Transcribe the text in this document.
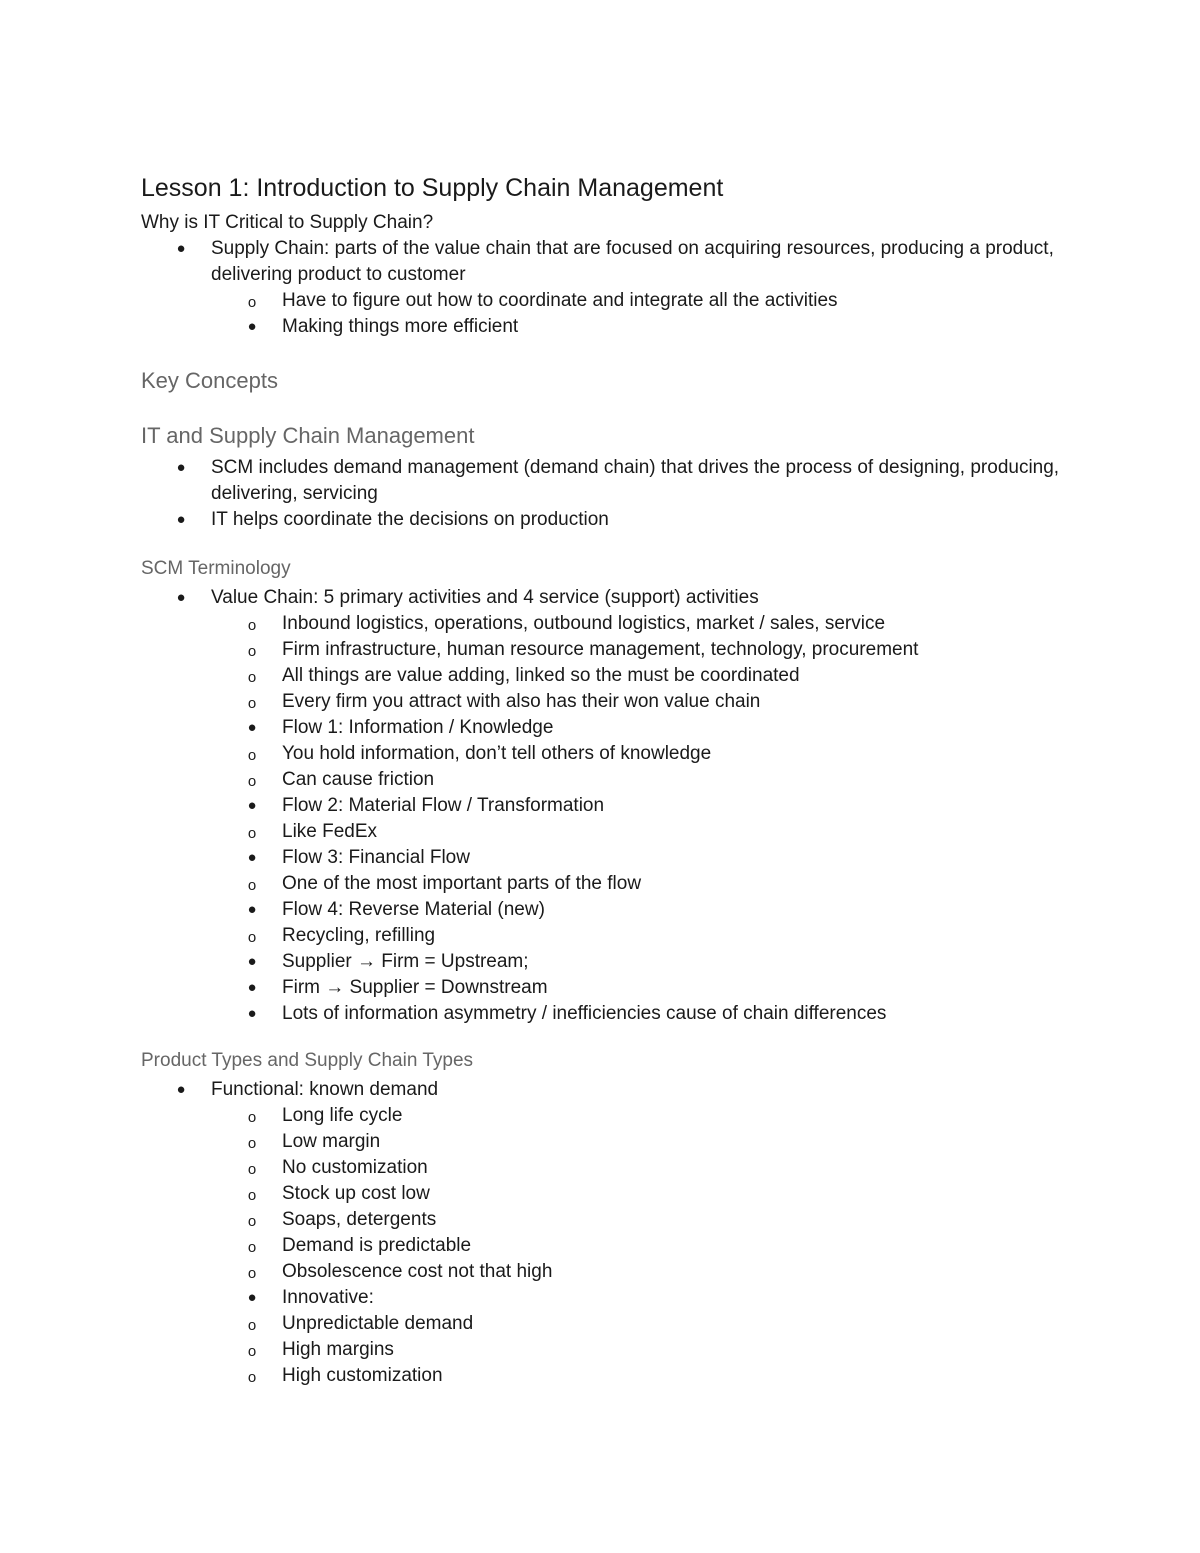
Lesson 1: Introduction to Supply Chain Management

Why is IT Critical to Supply Chain?

● Supply Chain: parts of the value chain that are focused on acquiring resources, producing a product, delivering product to customer
o	Have to figure out how to coordinate and integrate all the activities
● Making things more efficient
Key Concepts
IT and Supply Chain Management
● SCM includes demand management (demand chain) that drives the process of designing, producing, delivering, servicing
● IT helps coordinate the decisions on production
SCM Terminology
● Value Chain: 5 primary activities and 4 service (support) activities
o	Inbound logistics, operations, outbound logistics, market / sales, service
o	Firm infrastructure, human resource management, technology, procurement
o	All things are value adding, linked so the must be coordinated
o	Every firm you attract with also has their won value chain
● Flow 1: Information / Knowledge
o	You hold information, don’t tell others of knowledge
o	Can cause friction
● Flow 2: Material Flow / Transformation
o	Like FedEx
● Flow 3: Financial Flow
o	One of the most important parts of the flow
● Flow 4: Reverse Material (new)
o	Recycling, refilling
● Supplier → Firm = Upstream;
● Firm → Supplier = Downstream
● Lots of information asymmetry / inefficiencies cause of chain differences
Product Types and Supply Chain Types
● Functional: known demand
o	Long life cycle
o	Low margin
o	No customization
o	Stock up cost low
o	Soaps, detergents
o	Demand is predictable
o	Obsolescence cost not that high
● Innovative:
o	Unpredictable demand
o	High margins
o	High customization
